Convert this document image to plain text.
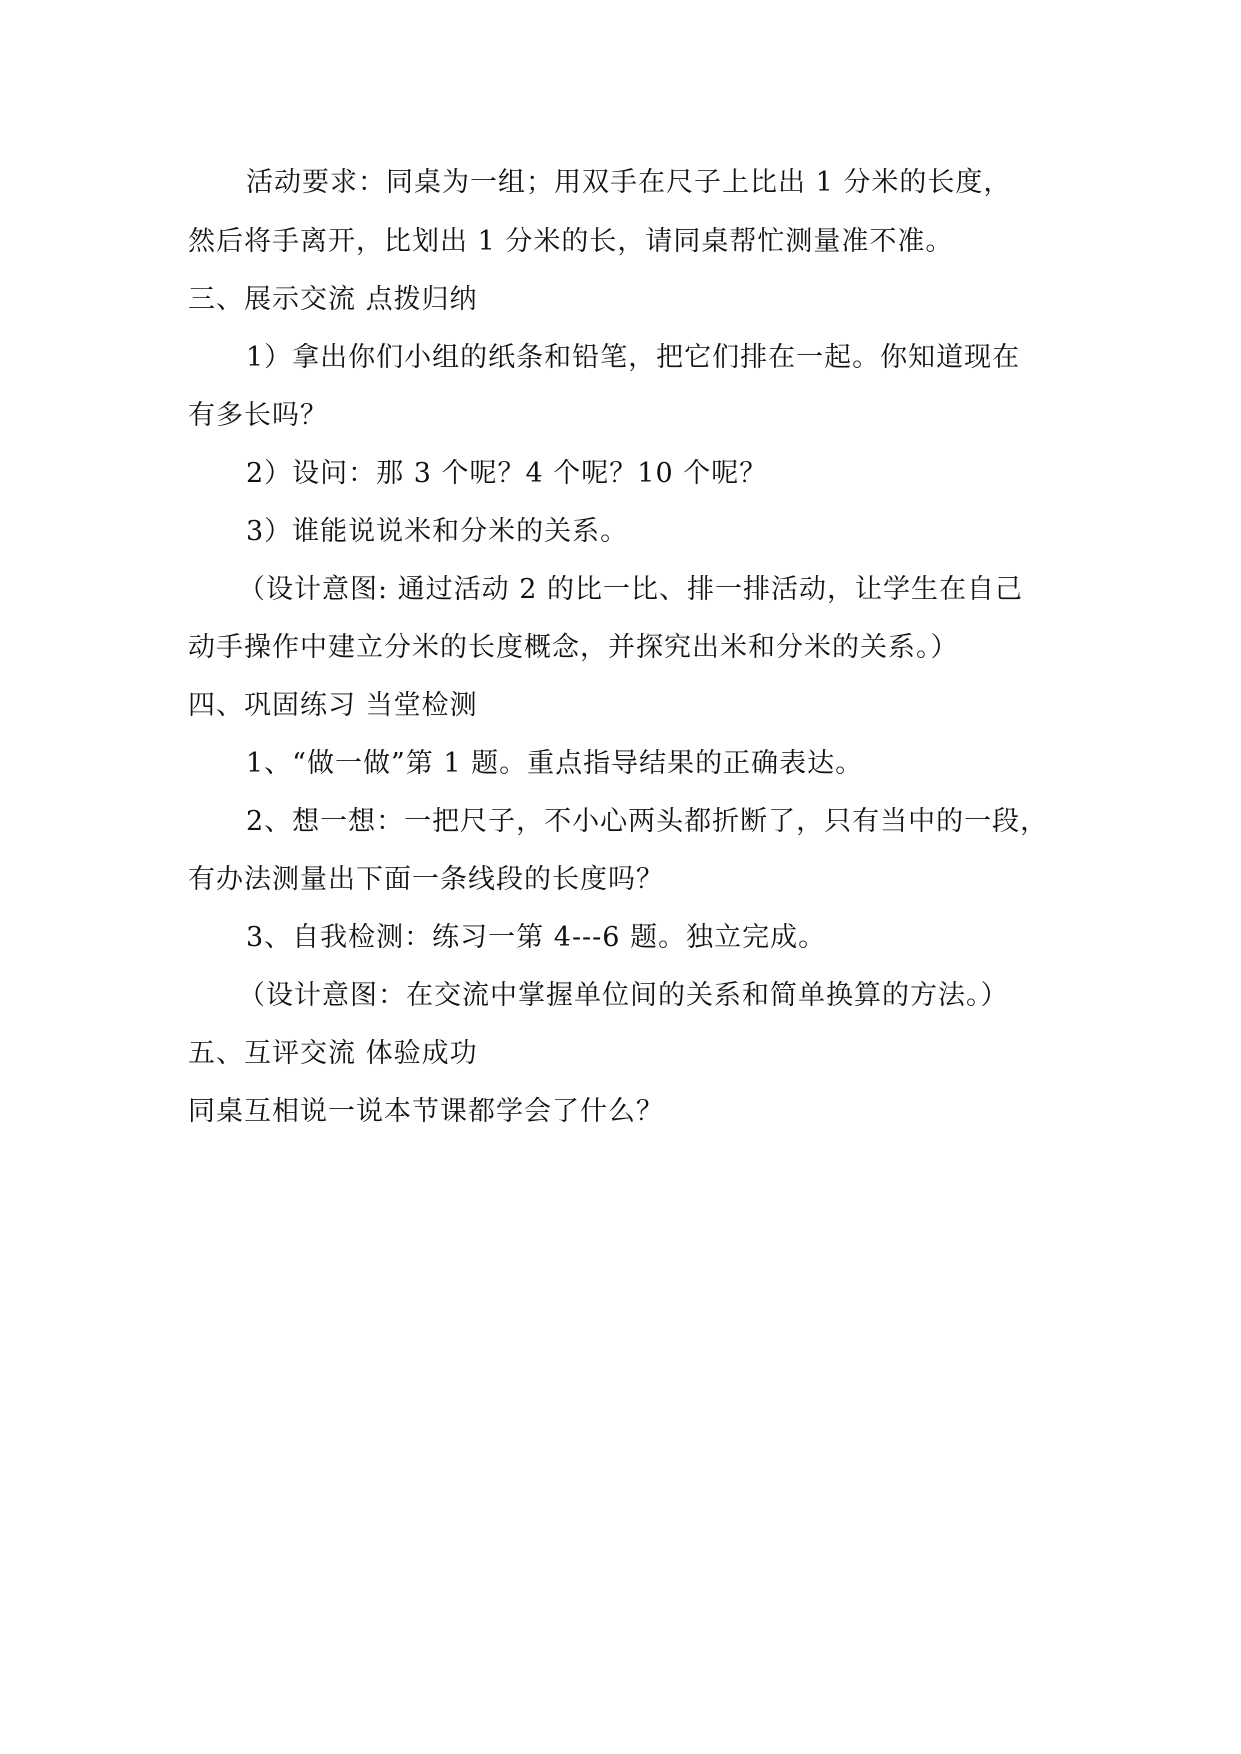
活动要求：同桌为一组；用双手在尺子上比出 1 分米的长度，
然后将手离开，比划出 1 分米的长，请同桌帮忙测量准不准。
三、展示交流 点拨归纳
1）拿出你们小组的纸条和铅笔，把它们排在一起。你知道现在
有多长吗？
2）设问：那 3 个呢？4 个呢？10 个呢？
3）谁能说说米和分米的关系。
（设计意图: 通过活动 2 的比一比、排一排活动，让学生在自己
动手操作中建立分米的长度概念，并探究出米和分米的关系。）
四、巩固练习 当堂检测
1、“做一做”第 1 题。重点指导结果的正确表达。
2、想一想：一把尺子，不小心两头都折断了，只有当中的一段，
有办法测量出下面一条线段的长度吗？
3、自我检测：练习一第 4---6 题。独立完成。
（设计意图：在交流中掌握单位间的关系和简单换算的方法。）
五、互评交流 体验成功
同桌互相说一说本节课都学会了什么？
